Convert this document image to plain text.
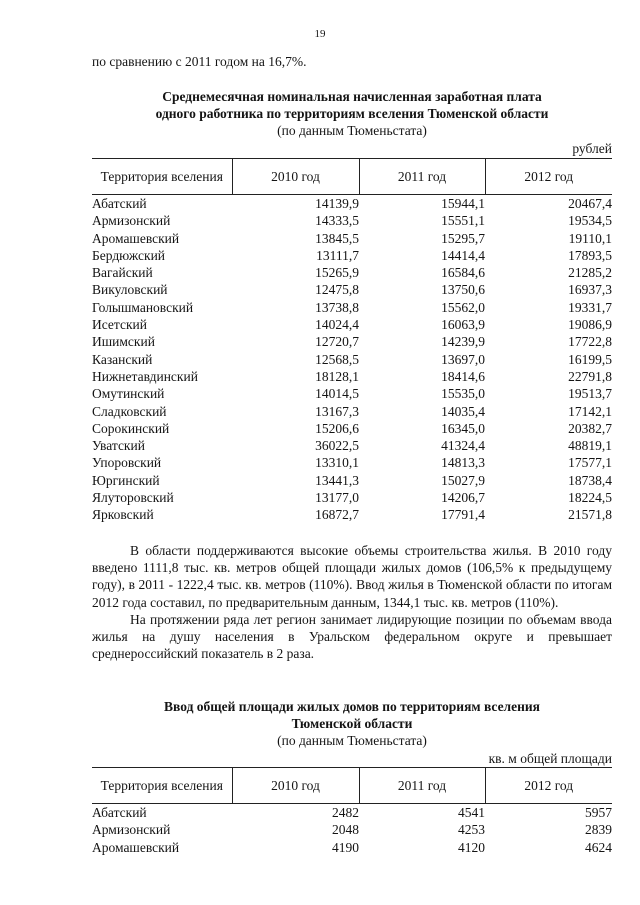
19
по сравнению с 2011 годом на 16,7%.
Среднемесячная номинальная начисленная заработная плата
одного работника по территориям вселения Тюменской области
(по данным Тюменьстата)
рублей
Территория вселения	2010 год	2011 год	2012 год
Абатский	14139,9	15944,1	20467,4
Армизонский	14333,5	15551,1	19534,5
Аромашевский	13845,5	15295,7	19110,1
Бердюжский	13111,7	14414,4	17893,5
Вагайский	15265,9	16584,6	21285,2
Викуловский	12475,8	13750,6	16937,3
Голышмановский	13738,8	15562,0	19331,7
Исетский	14024,4	16063,9	19086,9
Ишимский	12720,7	14239,9	17722,8
Казанский	12568,5	13697,0	16199,5
Нижнетавдинский	18128,1	18414,6	22791,8
Омутинский	14014,5	15535,0	19513,7
Сладковский	13167,3	14035,4	17142,1
Сорокинский	15206,6	16345,0	20382,7
Уватский	36022,5	41324,4	48819,1
Упоровский	13310,1	14813,3	17577,1
Юргинский	13441,3	15027,9	18738,4
Ялуторовский	13177,0	14206,7	18224,5
Ярковский	16872,7	17791,4	21571,8

В области поддерживаются высокие объемы строительства жилья. В 2010 году введено 1111,8 тыс. кв. метров общей площади жилых домов (106,5% к предыдущему году), в 2011 - 1222,4 тыс. кв. метров (110%). Ввод жилья в Тюменской области по итогам 2012 года составил, по предварительным данным, 1344,1 тыс. кв. метров (110%).

На протяжении ряда лет регион занимает лидирующие позиции по объемам ввода жилья на душу населения в Уральском федеральном округе и превышает среднероссийский показатель в 2 раза.

Ввод общей площади жилых домов по территориям вселения
Тюменской области
(по данным Тюменьстата)
кв. м общей площади
Территория вселения	2010 год	2011 год	2012 год
Абатский	2482	4541	5957
Армизонский	2048	4253	2839
Аромашевский	4190	4120	4624
